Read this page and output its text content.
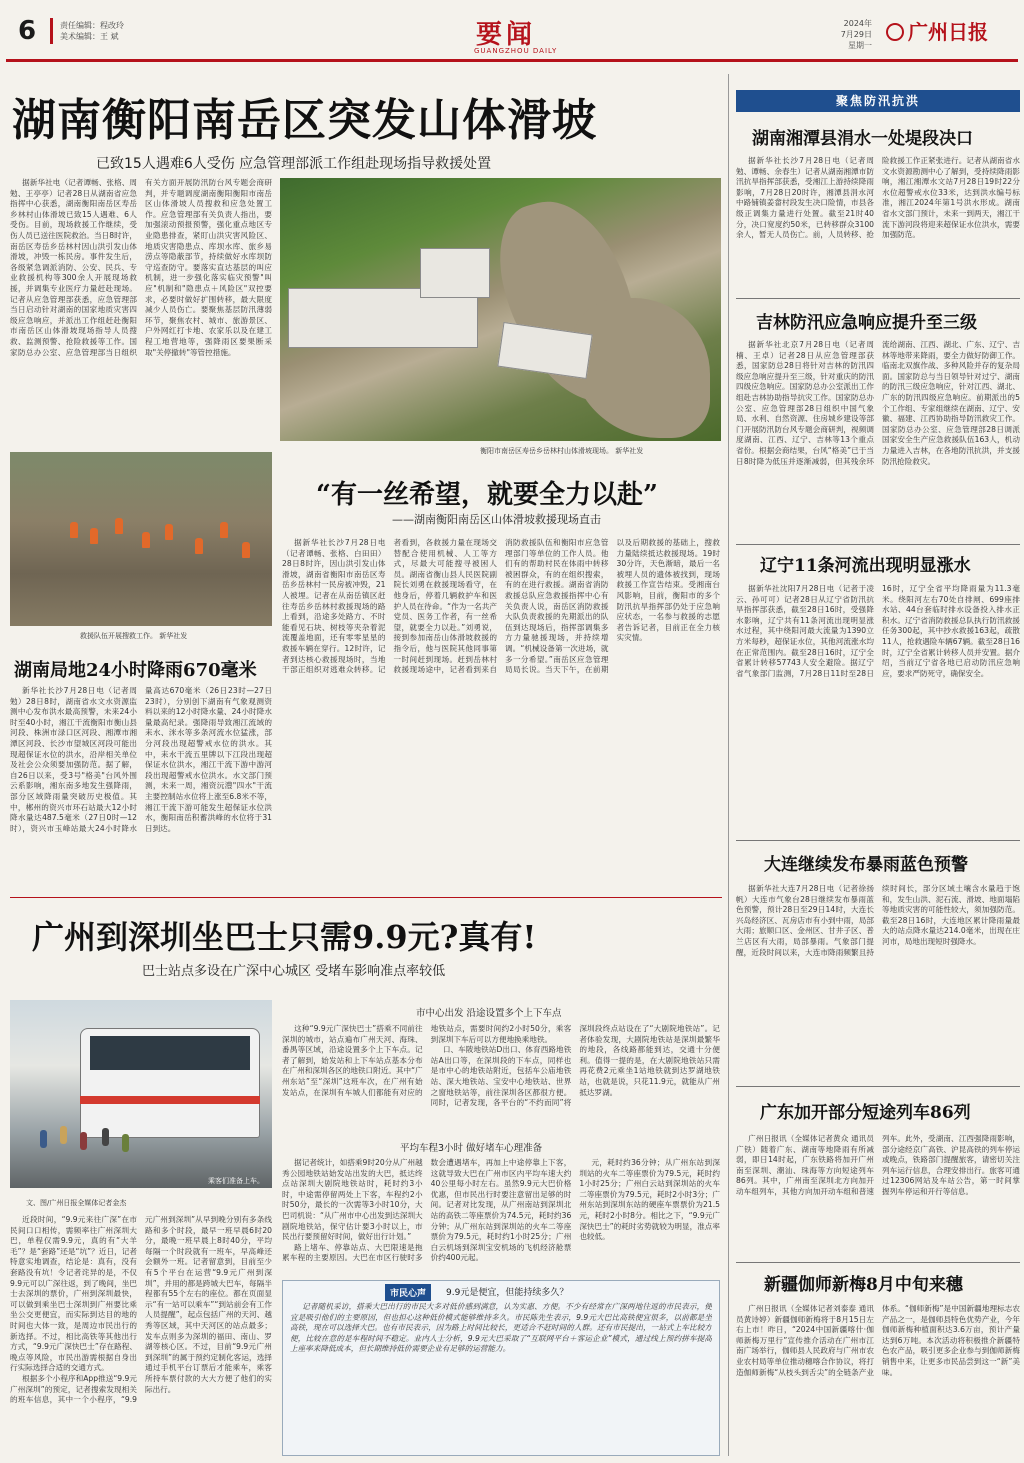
6	责任编辑：程改玲
美术编辑：王 斌	要闻
GUANGZHOU DAILY
2024年
7月29日
星期一
广州日报
湖南衡阳南岳区突发山体滑坡
已致15人遇难6人受伤 应急管理部派工作组赴现场指导救援处置

据新华社电（记者谭畅、张格、周勉、王亭亭）记者28日从湖南省应急指挥中心获悉，湖南衡阳南岳区寿岳乡林村山体滑坡已致15人遇难、6人受伤。目前，现场救援工作继续，受伤人员已送往医院救治。当日8时许，南岳区寿岳乡岳林村因山洪引发山体滑坡，冲毁一栋民房。事件发生后，各级紧急调派消防、公安、民兵、专业救援机构等300余人开展现场救援，并调集专业医疗力量赶赴现场。记者从应急管理部获悉，应急管理部当日启动针对湖南的国家地质灾害四级应急响应，并派出工作组赶赴衡阳市南岳区山体滑坡现场指导人员搜救、监测预警、抢险救援等工作。国家防总办公室、应急管理部当日组织有关方面开展防汛防台风专题会商研判，并专题调度湖南衡阳衡阳市南岳区山体滑坡人员搜救和应急处置工作。应急管理部有关负责人指出，要加强滚动预报预警，强化重点地区专业隐患排查，紧盯山洪灾害风险区、地质灾害隐患点、库坝水库、旅乡易涝点等隐蔽部节，持续做好水库坝防守巡查防守。要落实直达基层的叫应机制，进一步强化落实临灾预警"叫应"机制和"隐患点＋风险区"双控要求，必要时做好扩围转移，最大限度减少人员伤亡。要聚焦基层防汛薄弱环节，聚焦农村、城市、旅游景区、户外网红打卡地、农家乐以及在建工程工地营地等，强降雨区要果断采取"关停撤转"等管控措施。

衡阳市南岳区寿岳乡岳林村山体滑坡现场。 新华社发
救援队伍开展搜救工作。 新华社发
湖南局地24小时降雨670毫米

新华社长沙7月28日电（记者周勉）28日8时，湖南省水文水资源监测中心发布洪水最高预警，未来24小时至40小时，湘江干流衡阳市衡山县河段、株洲市渌口区河段、湘潭市湘潭区河段、长沙市望城区河段可能出现超保证水位的洪水，沿岸相关单位及社会公众须要加强防范。据了解，自26日以来，受3号"格美"台风外围云系影响，湘东南多地发生强降雨，部分区域降雨量突破历史极值。其中，郴州的资兴市环石站最大12小时降水量达487.5毫米（27日0时—12时），资兴市玉峰站最大24小时降水量高达670毫米（26日23时—27日23时），分别创下湖南有气象观测资料以来的12小时降水量、24小时降水量最高纪录。强降雨导致湘江流域的耒水、洣水等多条河流水位猛涨，部分河段出现超警戒水位的洪水。其中，耒水干流五里牌以下江段出现超保证水位洪水，湘江干流下游中游河段出现超警戒水位洪水。水文部门预测，未来一周，湘资沅澧"四水"干流主要控制站水位将上涨至6.8米不等，湘江干流下游可能发生超保证水位洪水，衡阳南岳积蓄洪峰的水位将于31日到达。

“有一丝希望，就要全力以赴”
——湖南衡阳南岳区山体滑坡救援现场直击

据新华社长沙7月28日电（记者谭畅、张格、白田田）28日8时许，因山洪引发山体滑坡，湖南省衡阳市南岳区寿岳乡岳林村一民房被冲毁，21人被埋。记者在从南岳镇区赶往寿岳乡岳林村救援现场的路上看到，沿途多处路方、不时能看见石块、树枝等夹杂着泥流覆盖地面，还有零零星星的救援车辆在穿行。12时许，记者到达核心救援现场时，当地干部正组织对逃难众转移。记者看到，各救援力量在现场交替配合使用机械、人工等方式，尽最大可能搜寻被困人员。湖南省衡山县人民医院副院长刘勇在救援现场看守，在他身后，停着几辆救护车和医护人员在待命。“作为一名共产党员、医务工作者，有一丝希望，就要全力以赴。”刘勇说，接到参加南岳山体滑坡救援的指令后，他与医院其他同事第一时间赶到现场。赶到岳林村救援现场途中，记者看到来自消防救援队伍和衡阳市应急管理部门等单位的工作人员。他们有的帮助村民在体雨中转移被困群众，有的在组织搜索，有的在进行救援。湖南省消防救援总队应急救援指挥中心有关负责人说，南岳区消防救援大队负责救援的先期派出的队伍到达现场后，指挥部调集多方力量驰援现场，并持续增调。“机械设备第一次进场，就多一分希望。”南岳区应急管理局局长说。当天下午，在前期以及后期救援的基础上，搜救力量陆续抵达救援现场。19时30分许，天色渐暗，最后一名被埋人员的遗体被找到，现场救援工作宣告结束。受湘南台风影响，目前，衡阳市的多个防汛抗旱指挥部仍处于应急响应状态，一名参与救援的志愿者告诉记者，目前正在全力核实灾情。

广州到深圳坐巴士只需9.9元?真有!
巴士站点多设在广深中心城区 受堵车影响准点率较低
乘客们准备上车。
文、图/广州日报全媒体记者金杰

近段时间，“9.9元来往广深”在市民间口口相传，需频率往广州深圳大巴，单程仅需9.9元，真的有“大羊毛”？是“套路”还是“坑”？近日，记者特意实地调查，结论是：真有，没有套路没有坑！令记者诧异的是，不仅9.9元可以广深往返，到了晚间，坐巴士去深圳的票价，广州到深圳最快，可以做到乘坐巴士深圳到广州要比乘坐公交更便宜，而实际到达目的地的时间也大体一致，是周边市民出行的新选择。不过，相比高铁等其他出行方式，“9.9元广深快巴士”存在路程、晚点等风险，市民出游需根据自身出行实际选择合适的交通方式。

根据多个小程序和App推送“9.9元广州深圳”的预定，记者搜索发现相关的班车信息，其中一个小程序，“9.9元广州到深圳”从早到晚分别有多条线路和多个时段，最早一班早晨6时20分，最晚一班早晨上8时40分，平均每隔一个时段就有一班车，早高峰还会额外一班。记者留意到，目前至少有5个平台在运营“9.9元广州到深圳”，并用的都是跨城大巴车，每隔半程都有55个左右的座位。都在页面显示“有一站可以乘车”“到站前会有工作人员提醒”，起点包括广州的天河、越秀等区域，其中天河区的站点最多；发车点则多为深圳的福田、南山、罗湖等核心区。不过，目前“9.9元广州到深圳”的属于预约定制化客运，选择通过手机平台订票后才能乘车，乘客所持车票付款的大大方便了他们的实际出行。

市中心出发 沿途设置多个上下车点

这种“9.9元广深快巴士”搭乘不同前往深圳的城市，站点遍布广州天河、海珠、番禺等区域，沿途设置多个上下车点。记者了解到，始发站和上下车站点基本分布在广州和深圳各区的地铁口附近。其中“广州东站”至“深圳”这班车次，在广州有始发站点，在深圳有车城人们都能有对应的地铁站点，需要时间约2小时50分，乘客到深圳下车后可以方便地换乘地铁。

口、车陂地铁站D出口、体育西路地铁站A出口等，在深圳段的下车点，同样也是市中心的地铁站附近，包括车公庙地铁站、深大地铁站、宝安中心地铁站、世界之窗地铁站等，前往深圳各区都很方便。同时，记者发现，各平台的“不约而同”将深圳段终点站设在了“大剧院地铁站”。记者体验发现，大剧院地铁站是深圳最繁华的地段，各线路都能到达，交通十分便利。值得一提的是，在大剧院地铁站只需再花费2元乘坐1站地铁就到达罗湖地铁站，也就是说，只花11.9元，就能从广州抵达罗湖。

平均车程3小时 做好堵车心理准备

据记者统计，如搭乘9时20分从广州越秀公园地铁站始发站出发的大巴，抵达终点站深圳大剧院地铁站时，耗时约3小时，中途需停留两处上下客，车程约2小时50分，最长的一次需等3小时10分，大巴司机说：“从广州市中心出发到达深圳大剧院地铁站，保守估计要3小时以上，市民出行要预留好时间，做好出行计划。”

路上堵车、停靠站点、大巴限速是拖累车程的主要原因。大巴在市区行驶时多数会遭遇堵车，再加上中途停靠上下客，这就导致大巴在广州市区内平均车速大约40公里每小时左右。虽然9.9元大巴价格优惠，但市民出行时要注意留出足够的时间。记者对比发现，从广州南站到深圳北站的高铁二等座票价为74.5元，耗时约36分钟；从广州东站到深圳站的火车二等座票价为79.5元，耗时约1小时25分；广州白云机场到深圳宝安机场的飞机经济舱票价约400元起。

元，耗时约36分钟；从广州东站到深圳站的火车二等座票价为79.5元，耗时约1小时25分；广州白云站到深圳站的火车二等座票价为79.5元，耗时2小时3分；广州东站到深圳东站的硬座车票票价为21.5元，耗时2小时8分。相比之下，“9.9元广深快巴士”的耗时劣势就较为明显，准点率也较低。

市民心声	9.9元是便宜，但能持续多久？

记者随机采访，搭乘大巴出行的市民大多对低价感到满意，认为实惠、方便。不少有经常在广深两地往返的市民表示，便宜是吸引他们的主要原因，但也担心这种低价模式能够维持多久。市民陈先生表示，9.9元大巴比高铁便宜很多，以前都是坐高铁，现在可以选择大巴。也有市民表示，因为路上时间比较长，更适合不赶时间的人群。还有市民提出，一站式上车比较方便，比较在意的是车程时间不稳定。业内人士分析，9.9元大巴采取了“互联网平台＋客运企业”模式，通过线上预约拼车提高上座率来降低成本，但长期维持低价需要企业有足够的运营能力。

聚焦防汛抗洪
湖南湘潭县涓水一处堤段决口

据新华社长沙7月28日电（记者周勉、谭畅、余春生）记者从湖南湘潭市防汛抗旱指挥部获悉，受湘江上游持续降雨影响，7月28日20时许，湘潭县涓水河中路铺镇姜畲村段发生决口险情，市县各级正调集力量进行处置。截至21时40分，决口宽度约50米，已转移群众3100余人，暂无人员伤亡。前，人员转移、抢险救援工作正紧张进行。记者从湖南省水文水资源勘测中心了解到，受持续降雨影响，湘江湘潭水文站7月28日19时22分水位超警戒水位33米，达到洪水编号标准，湘江2024年第1号洪水形成。湖南省水文部门预计，未来一到两天，湘江干流下游河段将迎来超保证水位洪水，需要加强防范。

吉林防汛应急响应提升至三级

据新华社北京7月28日电（记者周楠、王卓）记者28日从应急管理部获悉，国家防总28日将针对吉林的防汛四级应急响应提升至三级，针对重庆的防汛四级应急响应。国家防总办公室派出工作组赴吉林协助指导抗灾工作。国家防总办公室、应急管理部28日组织中国气象局、水利、自然资源、住房城乡建设等部门开展防汛防台风专题会商研判，视频调度湖南、江西、辽宁、吉林等13个重点省份。根据会商结果，台风“格美”已于当日8时降为低压并逐渐减弱，但其残余环流给湖南、江西、湖北、广东、辽宁、吉林等地带来降雨，要全力做好防御工作。临南北双旗作战、多种风险并存的复杂局面。国家防总与当日领导针对过宁、湖南的防汛三级应急响应，针对江西、湖北、广东的防汛四级应急响应。前期派出的5个工作组、专家组继续在湖南、辽宁、安徽、福建、江西协助指导防汛救灾工作。国家防总办公室、应急管理部28日调派国家安全生产应急救援队伍163人，机动力量进入吉林，在各地防汛抗洪，并支援防汛抢险救灾。

辽宁11条河流出现明显涨水

据新华社沈阳7月28日电（记者于凌云、孙可可）记者28日从辽宁省防汛抗旱指挥部获悉，截至28日16时，受强降水影响，辽宁共有11条河流出现明显涨水过程，其中绕阳河最大流量为1390立方米每秒，超保证水位，其他河流涨水均在正常范围内。截至28日16时，辽宁全省累计转移57743人安全避险。据辽宁省气象部门监测，7月28日11时至28日16时，辽宁全省平均降雨量为11.3毫米。绕阳河左右70处自排闸、699座排水站、44台套临时排水设备投入排水正积水。辽宁省消防救援总队执行防汛救援任务300起，其中抄水救援163起，疏散11人，抢救遇险车辆67辆。截至28日16时，辽宁全省累计转移人员并安置。据介绍，当前辽宁省各地已启动防汛应急响应，要求严防死守，确保安全。

大连继续发布暴雨蓝色预警

据新华社大连7月28日电（记者徐扬帆）大连市气象台28日继续发布暴雨蓝色预警，预计28日至29日14时，大连长兴岛经济区、瓦房店市有小到中雨，局部大雨；旅顺口区、金州区、甘井子区、普兰店区有大雨，局部暴雨。气象部门提醒，近段时间以来，大连市降雨频繁且持续时间长，部分区域土壤含水量趋于饱和，发生山洪、泥石流、滑坡、地面塌陷等地质灾害的可能性较大，须加强防范。截至28日16时，大连地区累计降雨量最大的站点降水量达214.0毫米，出现在庄河市，局地出现短时强降水。

广东加开部分短途列车86列

广州日报讯（全媒体记者黄众 通讯员广铁）随着广东、湖南等地降雨有所减弱，即日14时起，广东铁路将加开广州南至深圳、潮汕、珠海等方向短途列车86列。其中，广州南至深圳北方向加开动车组列车，其他方向加开动车组和普速列车。此外，受湖南、江西强降雨影响，部分途经京广高铁、沪昆高铁的列车停运或晚点，铁路部门提醒旅客，请密切关注列车运行信息，合理安排出行。旅客可通过12306网站及车站公告，第一时间掌握列车停运和开行等信息。

新疆伽师新梅8月中旬来穗

广州日报讯（全媒体记者刘泰泰 通讯员黄诗婷）新疆伽师新梅将于8月15日左右上市！昨日，“2024中国新疆喀什·伽师新梅万里行”宣传推介活动在广州市江南广场举行，伽师县人民政府与广州市农业农村局等单位推动穗喀合作协议，将打造伽师新梅“从枝头到舌尖”的全链条产业体系。“伽师新梅”是中国新疆地理标志农产品之一，是伽师县特色优势产业，今年伽师新梅种植面积达3.6万亩，预计产量达到6万吨。本次活动将积极推介新疆特色农产品，吸引更多企业参与到伽师新梅销售中来，让更多市民品尝到这一“新”美味。
